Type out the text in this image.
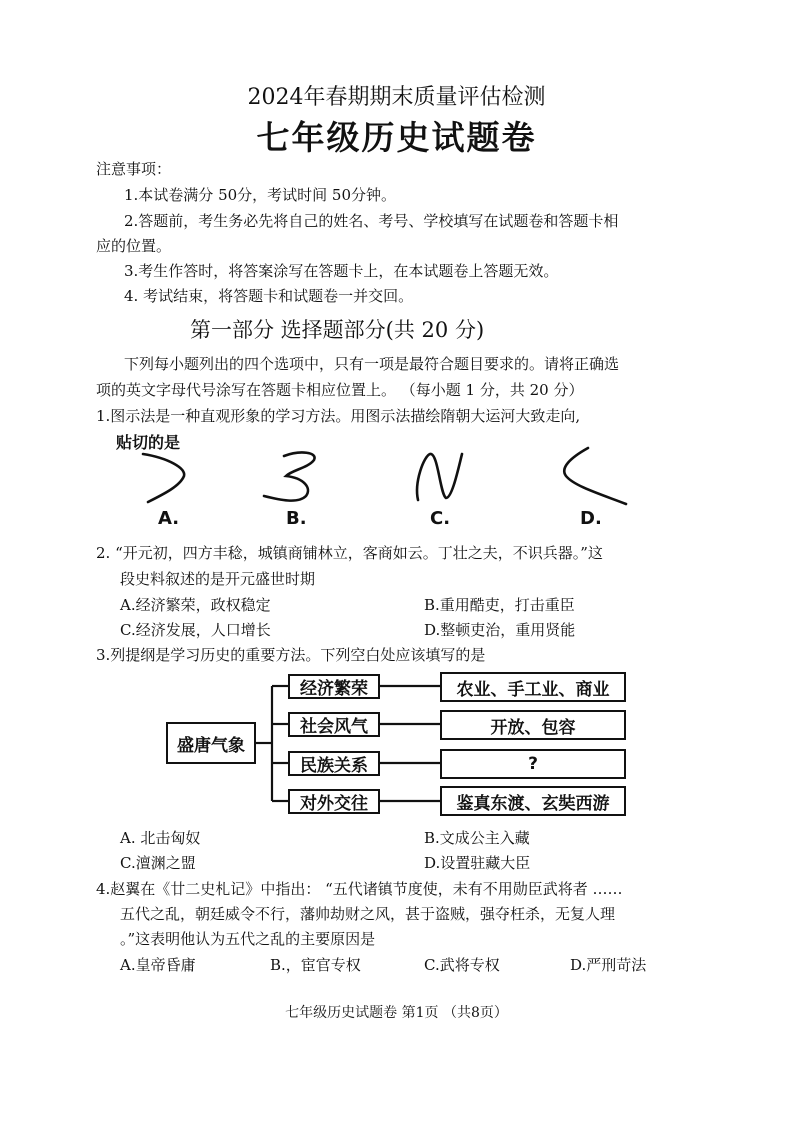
2024年春期期末质量评估检测
七年级历史试题卷
注意事项：
1.本试卷满分 50分，考试时间 50分钟。
2.答题前，考生务必先将自己的姓名、考号、学校填写在试题卷和答题卡相
应的位置。
3.考生作答时，将答案涂写在答题卡上，在本试题卷上答题无效。
4. 考试结束，将答题卡和试题卷一并交回。
第一部分 选择题部分(共 20 分)
下列每小题列出的四个选项中，只有一项是最符合题目要求的。请将正确选
项的英文字母代号涂写在答题卡相应位置上。 （每小题 1 分，共 20 分）
1.图示法是一种直观形象的学习方法。用图示法描绘隋朝大运河大致走向,
贴切的是
A.	B.	C.	D.
2. “开元初，四方丰稔，城镇商铺林立，客商如云。丁壮之夫，不识兵器。”这
段史料叙述的是开元盛世时期
A.经济繁荣，政权稳定	B.重用酷吏，打击重臣
C.经济发展，人口增长	D.整顿吏治，重用贤能
3.列提纲是学习历史的重要方法。下列空白处应该填写的是
盛唐气象
经济繁荣
社会风气
民族关系
对外交往
农业、手工业、商业
开放、包容
?
鉴真东渡、玄奘西游
A. 北击匈奴	B.文成公主入藏
C.澶渊之盟	D.设置驻藏大臣
4.赵翼在《廿二史札记》中指出： “五代诸镇节度使，未有不用勋臣武将者 ……
五代之乱，朝廷威令不行，藩帅劫财之风，甚于盗贼，强夺枉杀，无复人理
。”这表明他认为五代之乱的主要原因是
A.皇帝昏庸	B.，宦官专权	C.武将专权	D.严刑苛法
七年级历史试题卷 第1页 （共8页）
